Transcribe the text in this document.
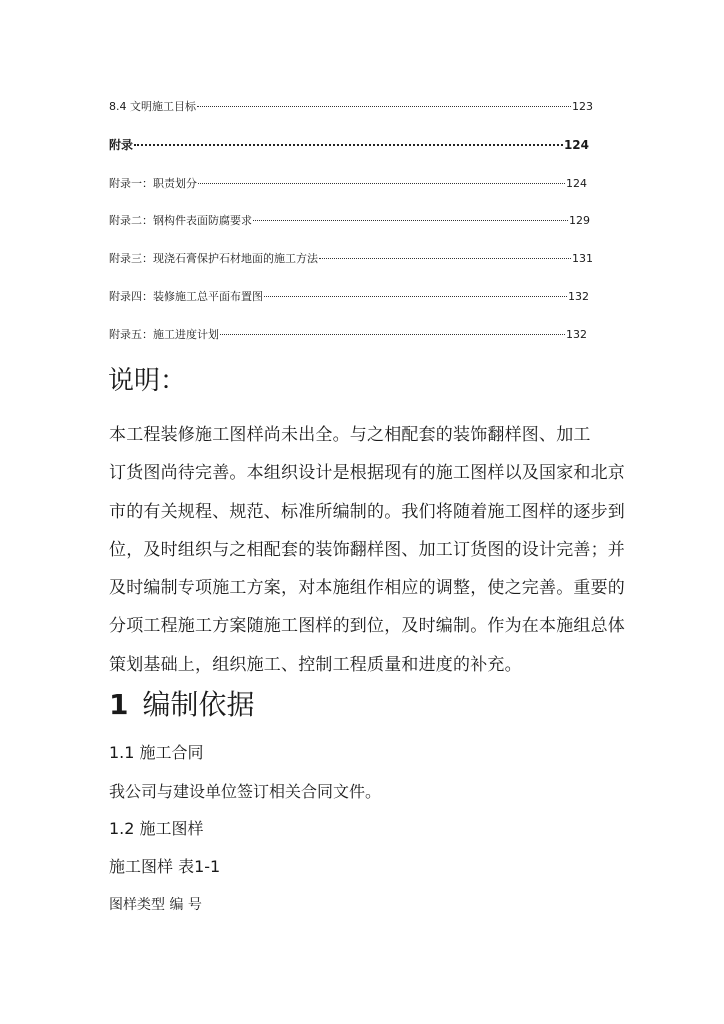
8.4 文明施工目标	123
附录	124
附录一：职责划分	124
附录二：钢构件表面防腐要求	129
附录三：现浇石膏保护石材地面的施工方法	131
附录四：装修施工总平面布置图	132
附录五：施工进度计划	132
说明：
本工程装修施工图样尚未出全。与之相配套的装饰翻样图、加工
订货图尚待完善。本组织设计是根据现有的施工图样以及国家和北京
市的有关规程、规范、标准所编制的。我们将随着施工图样的逐步到
位，及时组织与之相配套的装饰翻样图、加工订货图的设计完善；并
及时编制专项施工方案，对本施组作相应的调整，使之完善。重要的
分项工程施工方案随施工图样的到位，及时编制。作为在本施组总体
策划基础上，组织施工、控制工程质量和进度的补充。
1 编制依据
1.1 施工合同
我公司与建设单位签订相关合同文件。
1.2 施工图样
施工图样 表1-1
图样类型 编 号
